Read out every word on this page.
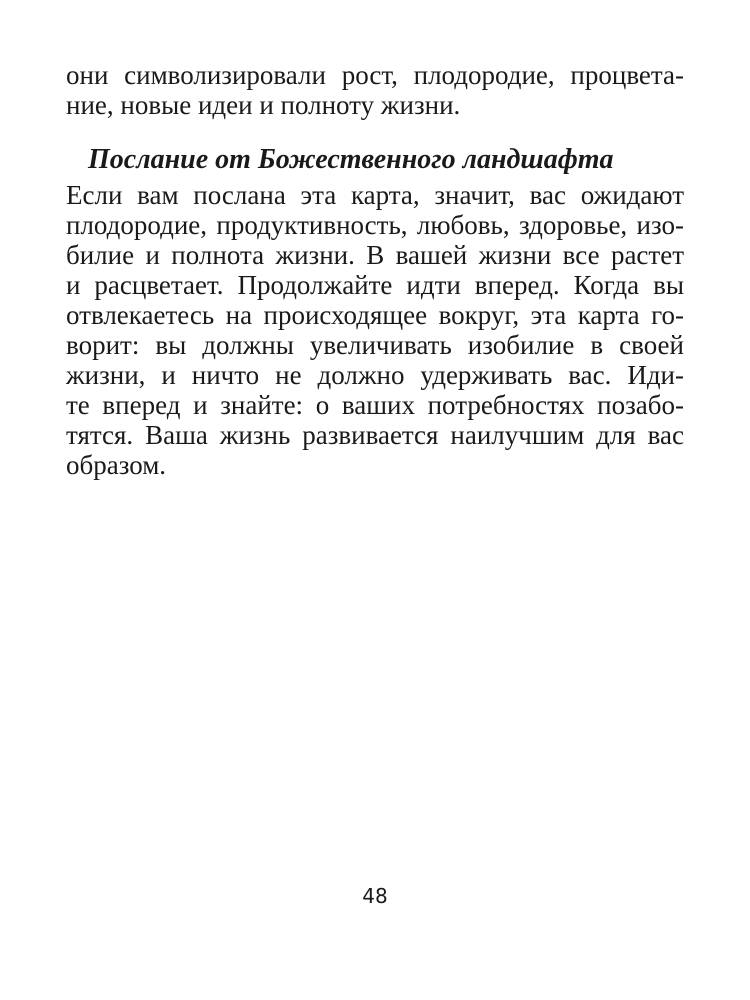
они символизировали рост, плодородие, процвета-
ние, новые идеи и полноту жизни.
Послание от Божественного ландшафта
Если вам послана эта карта, значит, вас ожидают
плодородие, продуктивность, любовь, здоровье, изо-
билие и полнота жизни. В вашей жизни все растет
и расцветает. Продолжайте идти вперед. Когда вы
отвлекаетесь на происходящее вокруг, эта карта го-
ворит: вы должны увеличивать изобилие в своей
жизни, и ничто не должно удерживать вас. Иди-
те вперед и знайте: о ваших потребностях позабо-
тятся. Ваша жизнь развивается наилучшим для вас
образом.
48
